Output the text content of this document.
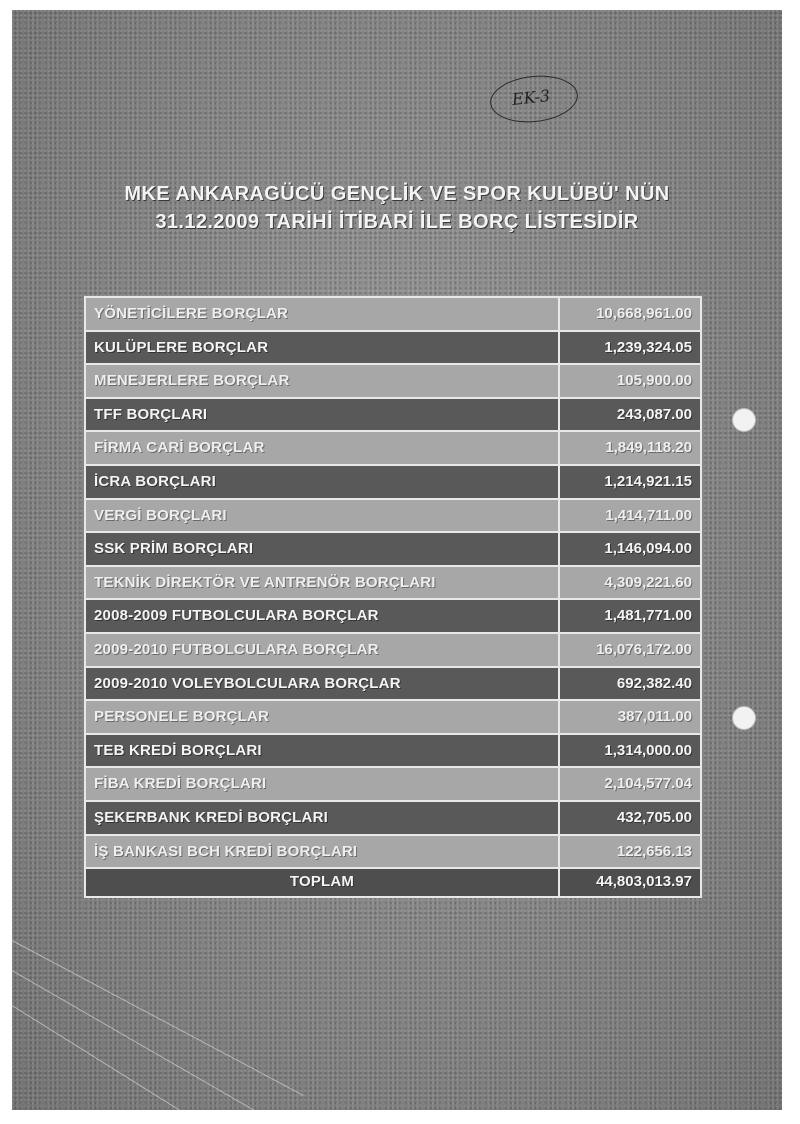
EK-3
MKE ANKARAGÜCÜ GENÇLİK VE SPOR KULÜBÜ' NÜN
31.12.2009 TARİHİ İTİBARİ İLE BORÇ LİSTESİDİR
YÖNETİCİLERE BORÇLAR	10,668,961.00
KULÜPLERE BORÇLAR	1,239,324.05
MENEJERLERE BORÇLAR	105,900.00
TFF BORÇLARI	243,087.00
FİRMA CARİ BORÇLAR	1,849,118.20
İCRA BORÇLARI	1,214,921.15
VERGİ BORÇLARI	1,414,711.00
SSK PRİM BORÇLARI	1,146,094.00
TEKNİK DİREKTÖR VE ANTRENÖR BORÇLARI	4,309,221.60
2008-2009 FUTBOLCULARA BORÇLAR	1,481,771.00
2009-2010 FUTBOLCULARA BORÇLAR	16,076,172.00
2009-2010 VOLEYBOLCULARA BORÇLAR	692,382.40
PERSONELE BORÇLAR	387,011.00
TEB KREDİ BORÇLARI	1,314,000.00
FİBA KREDİ BORÇLARI	2,104,577.04
ŞEKERBANK KREDİ BORÇLARI	432,705.00
İŞ BANKASI BCH KREDİ BORÇLARI	122,656.13
TOPLAM	44,803,013.97
